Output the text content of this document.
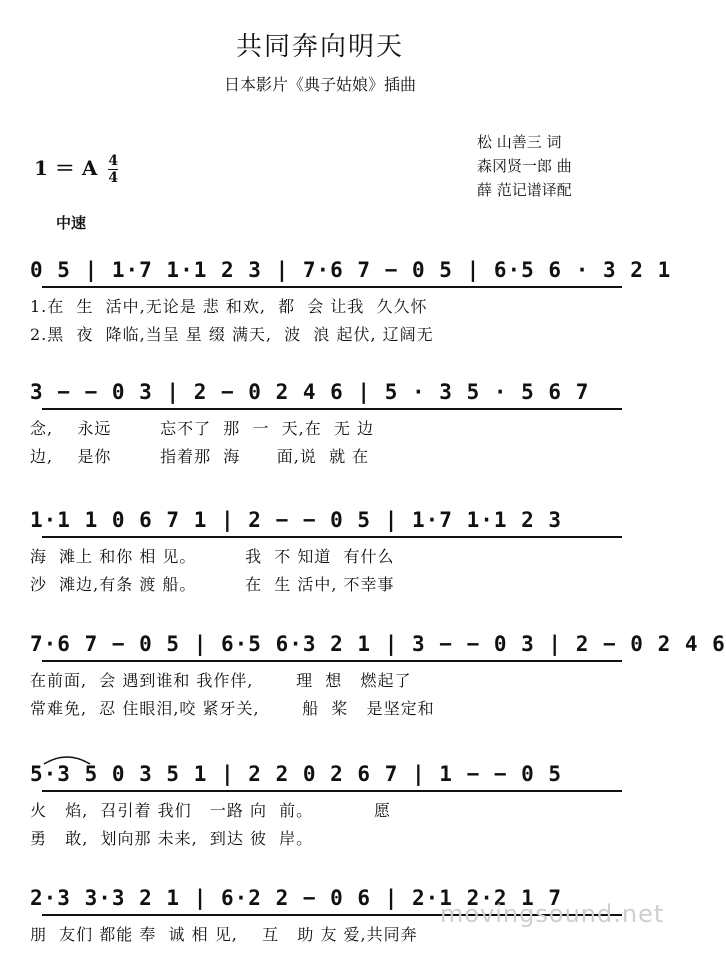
共同奔向明天
日本影片《典子姑娘》插曲
松 山善三 词
森冈贤一郎 曲
薛 范记谱译配
1 ＝ A $\frac{4}{4}$
中速
0 5 | 1·7 1·1 2 3 | 7·6 7 − 0 5 | 6·5 6 · 3 2 1
1.在  生  活中,无论是 悲 和欢,  都  会 让我  久久怀
2.黑  夜  降临,当呈 星 缀 满天,  波  浪 起伏, 辽阔无
3 − − 0 3 | 2 − 0 2 4 6 | 5 · 3 5 · 5 6 7
念,    永远        忘不了  那  一  天,在  无 边
边,    是你        指着那  海      面,说  就 在
1·1 1 0 6 7 1 | 2 − − 0 5 | 1·7 1·1 2 3
海  滩上 和你 相 见。        我  不 知道  有什么
沙  滩边,有条 渡 船。        在  生 活中, 不幸事
7·6 7 − 0 5 | 6·5 6·3 2 1 | 3 − − 0 3 | 2 − 0 2 4 6
在前面,  会 遇到谁和 我作伴,       理  想   燃起了
常难免,  忍 住眼泪,咬 紧牙关,       船  桨   是坚定和
5·3 5 0 3 5 1 | 2 2 0 2 6 7 | 1 − − 0 5
火   焰,  召引着 我们   一路 向  前。          愿
勇   敢,  划向那 未来,  到达 彼  岸。
2·3 3·3 2 1 | 6·2 2 − 0 6 | 2·1 2·2 1 7
朋  友们 都能 奉  诚 相 见,    互   助 友 爱,共同奔
movingsound.net
